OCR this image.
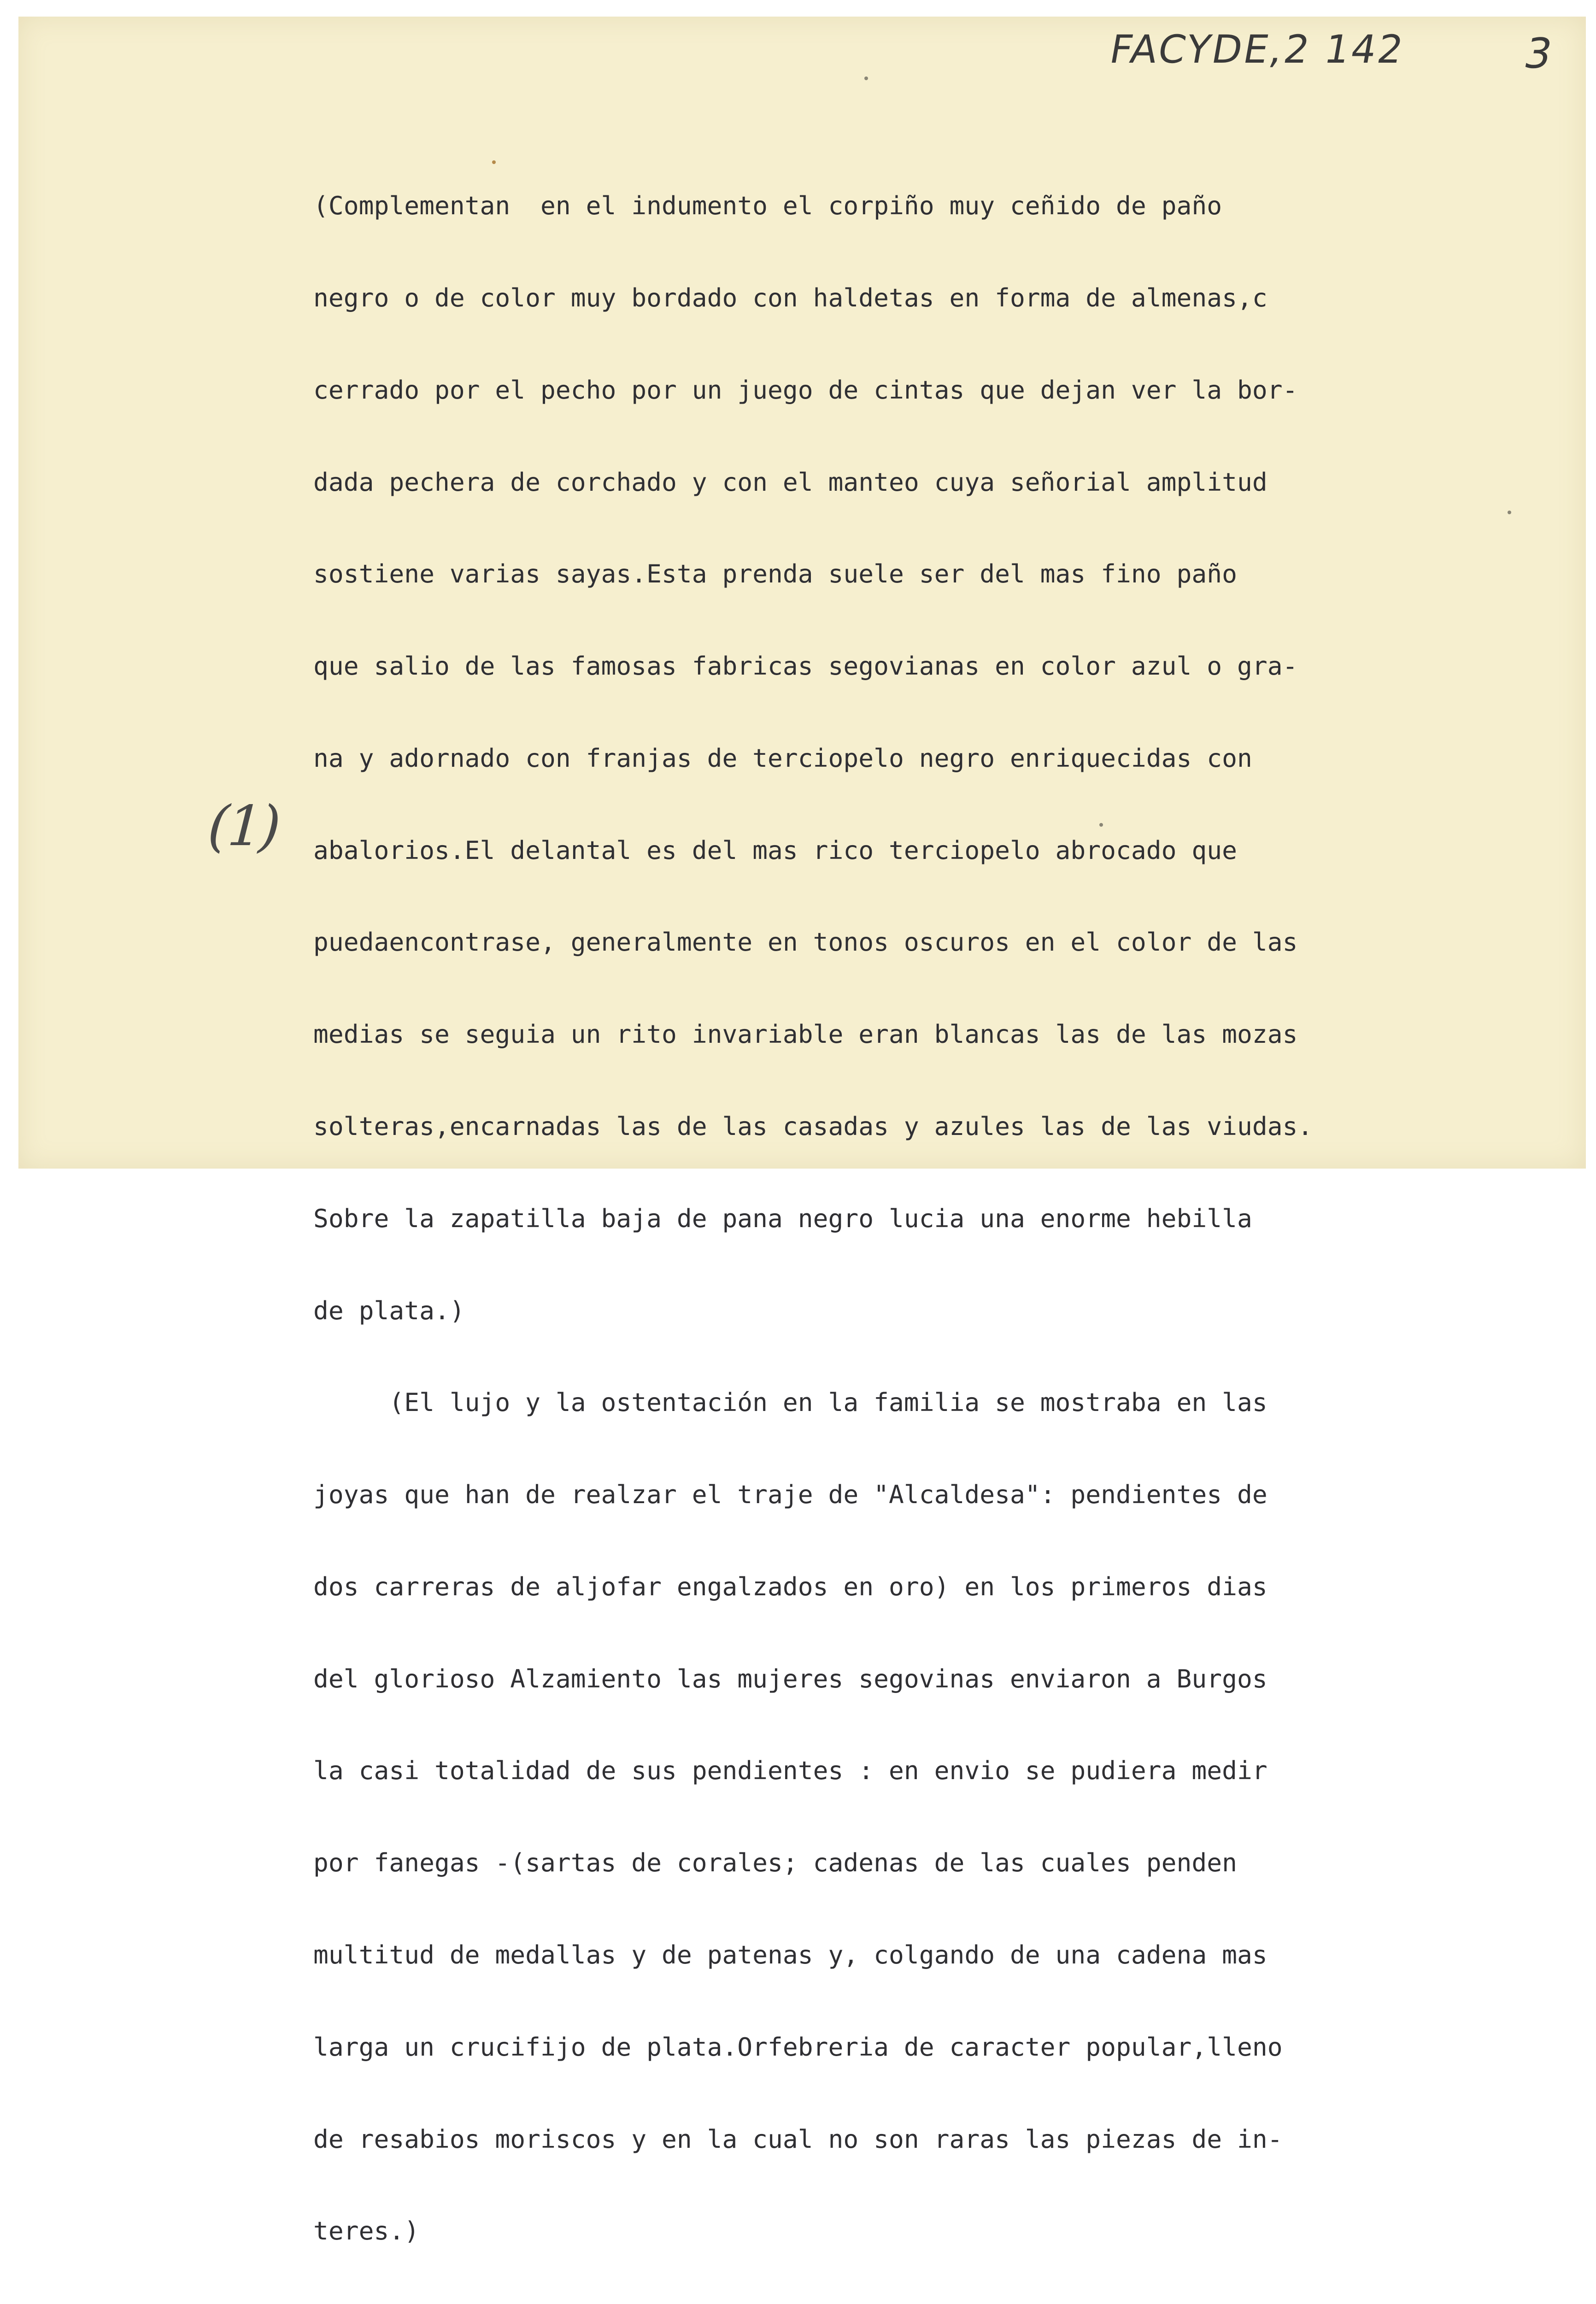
FACYDE,2 142	3
(1)

(Complementan  en el indumento el corpiño muy ceñido de paño

negro o de color muy bordado con haldetas en forma de almenas,c

cerrado por el pecho por un juego de cintas que dejan ver la bor-

dada pechera de corchado y con el manteo cuya señorial amplitud

sostiene varias sayas.Esta prenda suele ser del mas fino paño

que salio de las famosas fabricas segovianas en color azul o gra-

na y adornado con franjas de terciopelo negro enriquecidas con

abalorios.El delantal es del mas rico terciopelo abrocado que

puedaencontrase, generalmente en tonos oscuros en el color de las

medias se seguia un rito invariable eran blancas las de las mozas

solteras,encarnadas las de las casadas y azules las de las viudas.

Sobre la zapatilla baja de pana negro lucia una enorme hebilla

de plata.)

(El lujo y la ostentación en la familia se mostraba en las

joyas que han de realzar el traje de "Alcaldesa": pendientes de

dos carreras de aljofar engalzados en oro) en los primeros dias

del glorioso Alzamiento las mujeres segovinas enviaron a Burgos

la casi totalidad de sus pendientes : en envio se pudiera medir

por fanegas -(sartas de corales; cadenas de las cuales penden

multitud de medallas y de patenas y, colgando de una cadena mas

larga un crucifijo de plata.Orfebreria de caracter popular,lleno

de resabios moriscos y en la cual no son raras las piezas de in-

teres.)
